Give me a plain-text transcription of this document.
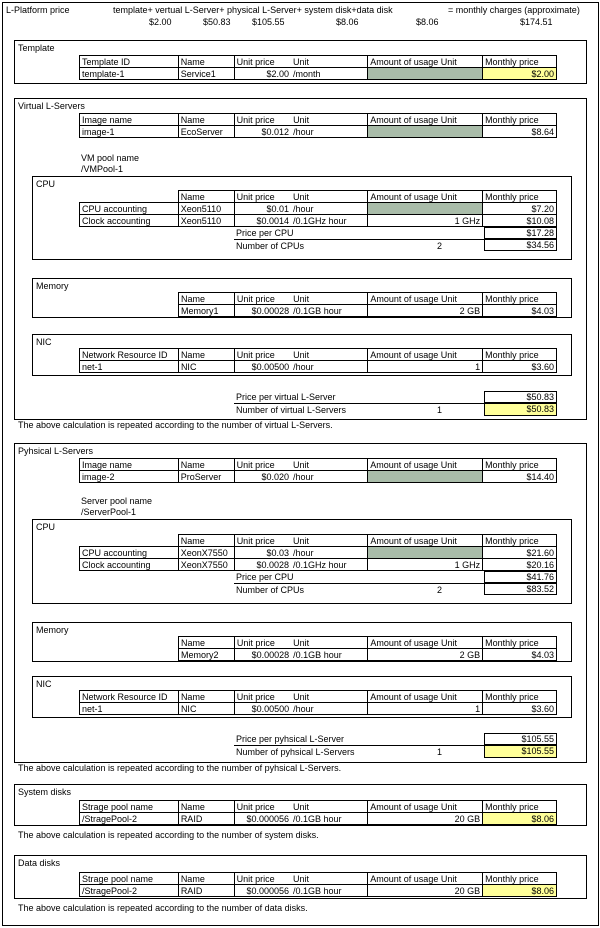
L-Platform price	template+ vertual L-Server+ physical L-Server+ system disk+data disk	= monthly charges (approximate)
$2.00	$50.83 $105.55	$8.06	$8.06	$174.51
Template
Template ID	Name	Unit price	Unit	Amount of usage Unit	Monthly price
template-1	Service1	$2.00	/month		$2.00
Virtual L-Servers
Image name	Name	Unit price	Unit	Amount of usage Unit	Monthly price
image-1	EcoServer	$0.012	/hour		$8.64
VM pool name
/VMPool-1
CPU
	Name	Unit price	Unit	Amount of usage Unit	Monthly price
CPU accounting	Xeon5110	$0.01	/hour		$7.20
Clock accounting	Xeon5110	$0.0014	/0.1GHz hour	1 GHz	$10.08
Price per CPU	$17.28
Number of CPUs	2	$34.56
Memory
Name	Unit price	Unit	Amount of usage Unit	Monthly price
Memory1	$0.00028	/0.1GB hour	2 GB	$4.03
NIC
Network Resource ID	Name	Unit price	Unit	Amount of usage Unit	Monthly price
net-1	NIC	$0.00500	/hour	1	$3.60
Price per virtual L-Server	$50.83
Number of virtual L-Servers	1	$50.83
The above calculation is repeated according to the number of virtual L-Servers.
Pyhsical L-Servers
Image name	Name	Unit price	Unit	Amount of usage Unit	Monthly price
image-2	ProServer	$0.020	/hour		$14.40
Server pool name
/ServerPool-1
CPU
	Name	Unit price	Unit	Amount of usage Unit	Monthly price
CPU accounting	XeonX7550	$0.03	/hour		$21.60
Clock accounting	XeonX7550	$0.0028	/0.1GHz hour	1 GHz	$20.16
Price per CPU	$41.76
Number of CPUs	2	$83.52
Memory
Name	Unit price	Unit	Amount of usage Unit	Monthly price
Memory2	$0.00028	/0.1GB hour	2 GB	$4.03
NIC
Network Resource ID	Name	Unit price	Unit	Amount of usage Unit	Monthly price
net-1	NIC	$0.00500	/hour	1	$3.60
Price per pyhsical L-Server	$105.55
Number of pyhsical L-Servers	1	$105.55
The above calculation is repeated according to the number of pyhsical L-Servers.
System disks
Strage pool name	Name	Unit price	Unit	Amount of usage Unit	Monthly price
/StragePool-2	RAID	$0.000056	/0.1GB hour	20 GB	$8.06
The above calculation is repeated according to the number of system disks.
Data disks
Strage pool name	Name	Unit price	Unit	Amount of usage Unit	Monthly price
/StragePool-2	RAID	$0.000056	/0.1GB hour	20 GB	$8.06
The above calculation is repeated according to the number of data disks.
